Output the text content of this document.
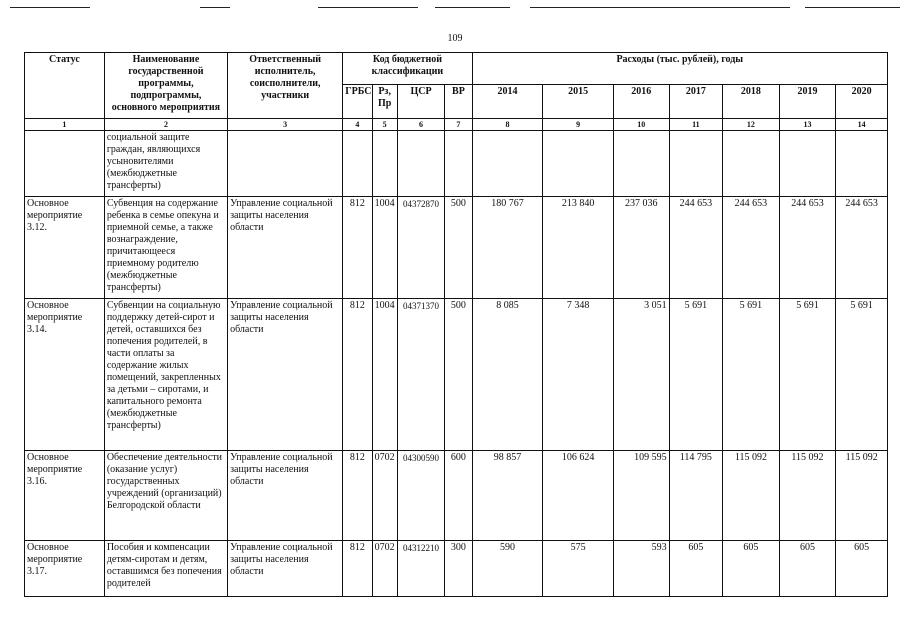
109
Статус	Наименование государственной программы, подпрограммы, основного мероприятия	Ответственный исполнитель, соисполнители, участники	Код бюджетной классификации				Расходы (тыс. рублей), годы						
			ГРБС	Рз, Пр	ЦСР	ВР	2014	2015	2016	2017	2018	2019	2020
1	2	3	4	5	6	7	8	9	10	11	12	13	14
	социальной защите граждан, являющихся усыновителями (межбюджетные трансферты)												
Основное мероприятие 3.12.	Субвенция на содержание ребенка в семье опекуна и приемной семье, а также вознаграждение, причитающееся приемному родителю (межбюджетные трансферты)	Управление социальной защиты населения области	812	1004	04372870	500	180 767	213 840	237 036	244 653	244 653	244 653	244 653
Основное мероприятие 3.14.	Субвенции на социальную поддержку детей-сирот и детей, оставшихся без попечения родителей, в части оплаты за содержание жилых помещений, закрепленных за детьми – сиротами, и капитального ремонта (межбюджетные трансферты)	Управление социальной защиты населения области	812	1004	04371370	500	8 085	7 348	3 051	5 691	5 691	5 691	5 691
Основное мероприятие 3.16.	Обеспечение деятельности (оказание услуг) государственных учреждений (организаций) Белгородской области	Управление социальной защиты населения области	812	0702	04300590	600	98 857	106 624	109 595	114 795	115 092	115 092	115 092
Основное мероприятие 3.17.	Пособия и компенсации детям-сиротам и детям, оставшимся без попечения родителей	Управление социальной защиты населения области	812	0702	04312210	300	590	575	593	605	605	605	605
